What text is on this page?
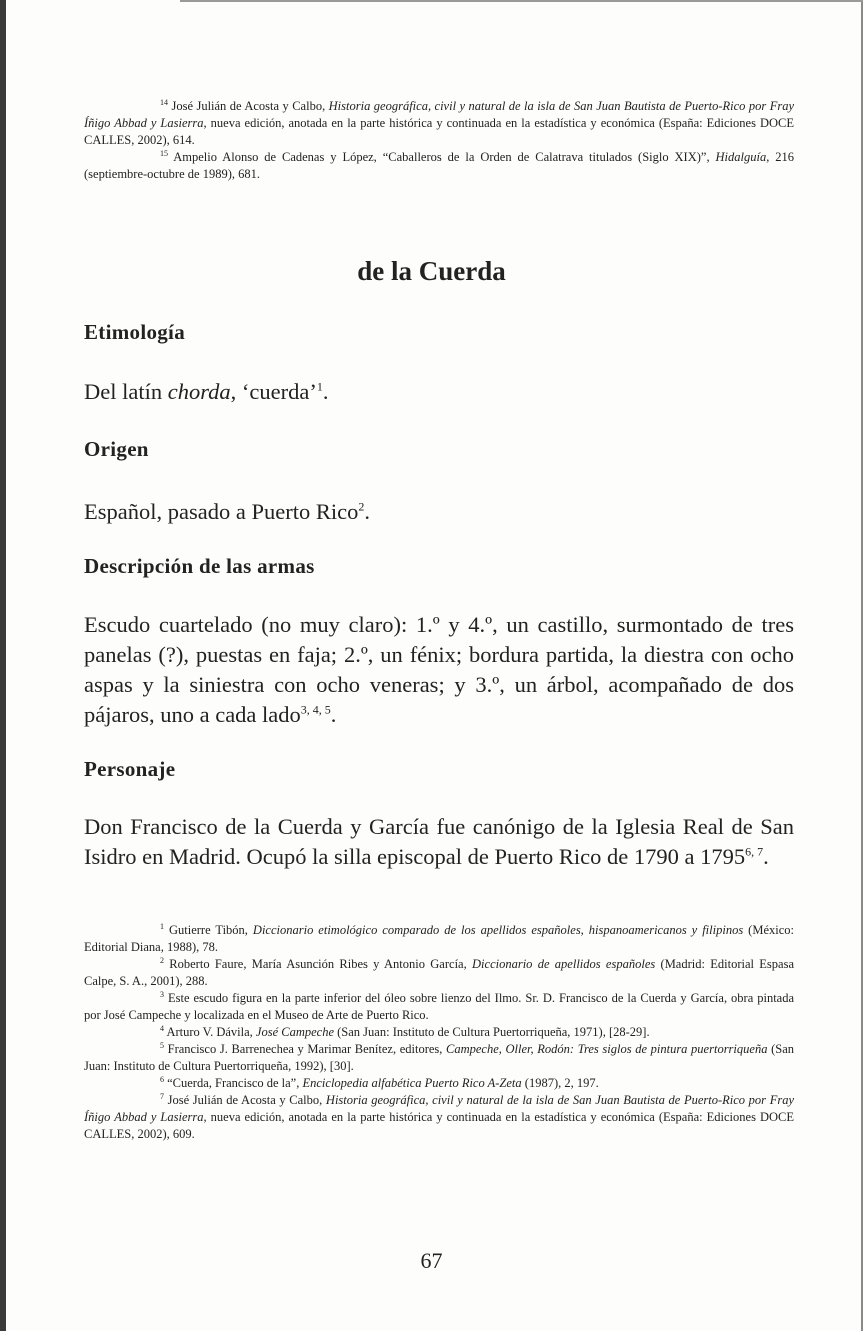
$^{14}$ José Julián de Acosta y Calbo, Historia geográfica, civil y natural de la isla de San Juan Bautista de Puerto-Rico por Fray Íñigo Abbad y Lasierra, nueva edición, anotada en la parte histórica y continuada en la estadística y económica (España: Ediciones DOCE CALLES, 2002), 614.

$^{15}$ Ampelio Alonso de Cadenas y López, “Caballeros de la Orden de Calatrava titulados (Siglo XIX)”, Hidalguía, 216 (septiembre-octubre de 1989), 681.

de la Cuerda
Etimología

Del latín chorda, ‘cuerda’$^1$.

Origen

Español, pasado a Puerto Rico$^2$.

Descripción de las armas

Escudo cuartelado (no muy claro): 1.º y 4.º, un castillo, surmontado de tres panelas (?), puestas en faja; 2.º, un fénix; bordura partida, la diestra con ocho aspas y la siniestra con ocho veneras; y 3.º, un árbol, acompañado de dos pájaros, uno a cada lado$^{3, 4, 5}$.

Personaje

Don Francisco de la Cuerda y García fue canónigo de la Iglesia Real de San Isidro en Madrid. Ocupó la silla episcopal de Puerto Rico de 1790 a 1795$^{6, 7}$.

$^1$ Gutierre Tibón, Diccionario etimológico comparado de los apellidos españoles, hispanoamericanos y filipinos (México: Editorial Diana, 1988), 78.

$^2$ Roberto Faure, María Asunción Ribes y Antonio García, Diccionario de apellidos españoles (Madrid: Editorial Espasa Calpe, S. A., 2001), 288.

$^3$ Este escudo figura en la parte inferior del óleo sobre lienzo del Ilmo. Sr. D. Francisco de la Cuerda y García, obra pintada por José Campeche y localizada en el Museo de Arte de Puerto Rico.

$^4$ Arturo V. Dávila, José Campeche (San Juan: Instituto de Cultura Puertorriqueña, 1971), [28-29].

$^5$ Francisco J. Barrenechea y Marimar Benítez, editores, Campeche, Oller, Rodón: Tres siglos de pintura puertorriqueña (San Juan: Instituto de Cultura Puertorriqueña, 1992), [30].

$^6$ “Cuerda, Francisco de la”, Enciclopedia alfabética Puerto Rico A-Zeta (1987), 2, 197.

$^7$ José Julián de Acosta y Calbo, Historia geográfica, civil y natural de la isla de San Juan Bautista de Puerto-Rico por Fray Íñigo Abbad y Lasierra, nueva edición, anotada en la parte histórica y continuada en la estadística y económica (España: Ediciones DOCE CALLES, 2002), 609.

67
